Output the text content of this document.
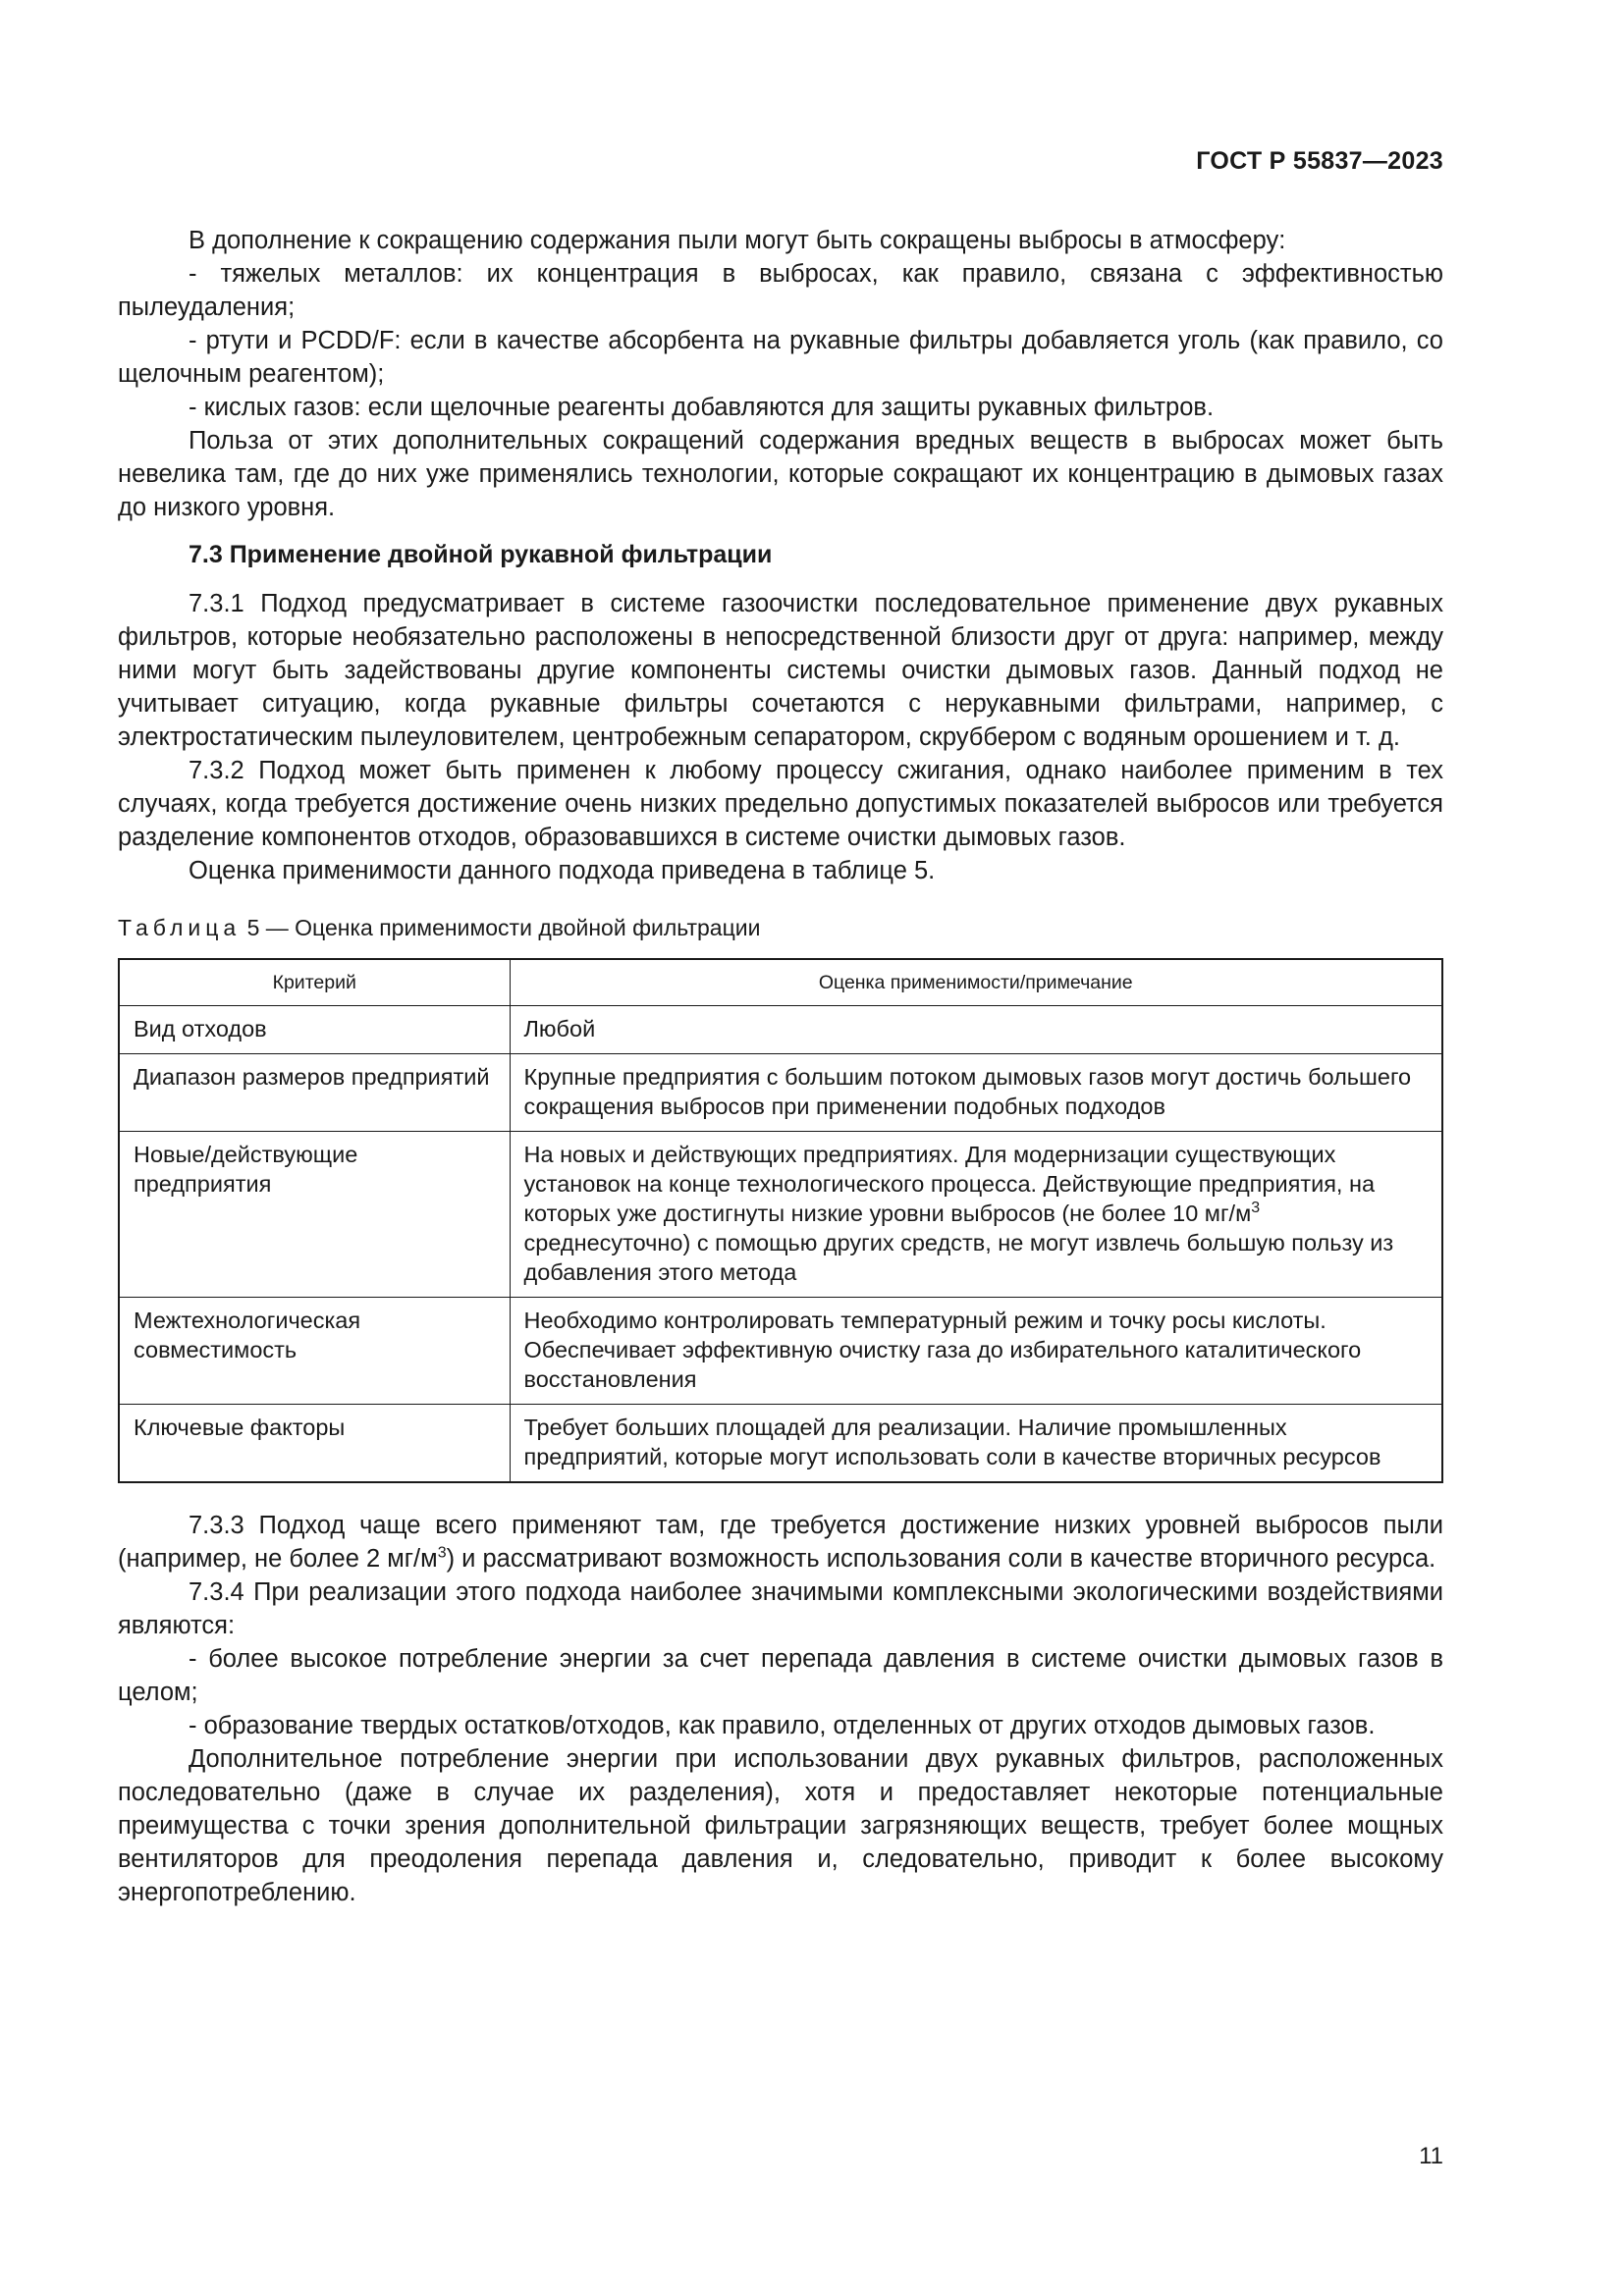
ГОСТ Р 55837—2023

В дополнение к сокращению содержания пыли могут быть сокращены выбросы в атмосферу:

- тяжелых металлов: их концентрация в выбросах, как правило, связана с эффективностью пылеудаления;

- ртути и PCDD/F: если в качестве абсорбента на рукавные фильтры добавляется уголь (как правило, со щелочным реагентом);

- кислых газов: если щелочные реагенты добавляются для защиты рукавных фильтров.

Польза от этих дополнительных сокращений содержания вредных веществ в выбросах может быть невелика там, где до них уже применялись технологии, которые сокращают их концентрацию в дымовых газах до низкого уровня.

7.3 Применение двойной рукавной фильтрации

7.3.1 Подход предусматривает в системе газоочистки последовательное применение двух рукавных фильтров, которые необязательно расположены в непосредственной близости друг от друга: например, между ними могут быть задействованы другие компоненты системы очистки дымовых газов. Данный подход не учитывает ситуацию, когда рукавные фильтры сочетаются с нерукавными фильтрами, например, с электростатическим пылеуловителем, центробежным сепаратором, скруббером с водяным орошением и т. д.

7.3.2 Подход может быть применен к любому процессу сжигания, однако наиболее применим в тех случаях, когда требуется достижение очень низких предельно допустимых показателей выбросов или требуется разделение компонентов отходов, образовавшихся в системе очистки дымовых газов.

Оценка применимости данного подхода приведена в таблице 5.

Таблица 5 — Оценка применимости двойной фильтрации

Критерий	Оценка применимости/примечание
Вид отходов	Любой
Диапазон размеров предприятий	Крупные предприятия с большим потоком дымовых газов могут достичь большего сокращения выбросов при применении подобных подходов
Новые/действующие предприятия	На новых и действующих предприятиях. Для модернизации существующих установок на конце технологического процесса. Действующие предприятия, на которых уже достигнуты низкие уровни выбросов (не более 10 $мг/м^3$ среднесуточно) с помощью других средств, не могут извлечь большую пользу из добавления этого метода
Межтехнологическая совместимость	Необходимо контролировать температурный режим и точку росы кислоты. Обеспечивает эффективную очистку газа до избирательного каталитического восстановления
Ключевые факторы	Требует больших площадей для реализации. Наличие промышленных предприятий, которые могут использовать соли в качестве вторичных ресурсов

7.3.3 Подход чаще всего применяют там, где требуется достижение низких уровней выбросов пыли (например, не более 2 $мг/м^3$) и рассматривают возможность использования соли в качестве вторичного ресурса.

7.3.4 При реализации этого подхода наиболее значимыми комплексными экологическими воздействиями являются:

- более высокое потребление энергии за счет перепада давления в системе очистки дымовых газов в целом;

- образование твердых остатков/отходов, как правило, отделенных от других отходов дымовых газов.

Дополнительное потребление энергии при использовании двух рукавных фильтров, расположенных последовательно (даже в случае их разделения), хотя и предоставляет некоторые потенциальные преимущества с точки зрения дополнительной фильтрации загрязняющих веществ, требует более мощных вентиляторов для преодоления перепада давления и, следовательно, приводит к более высокому энергопотреблению.

11
